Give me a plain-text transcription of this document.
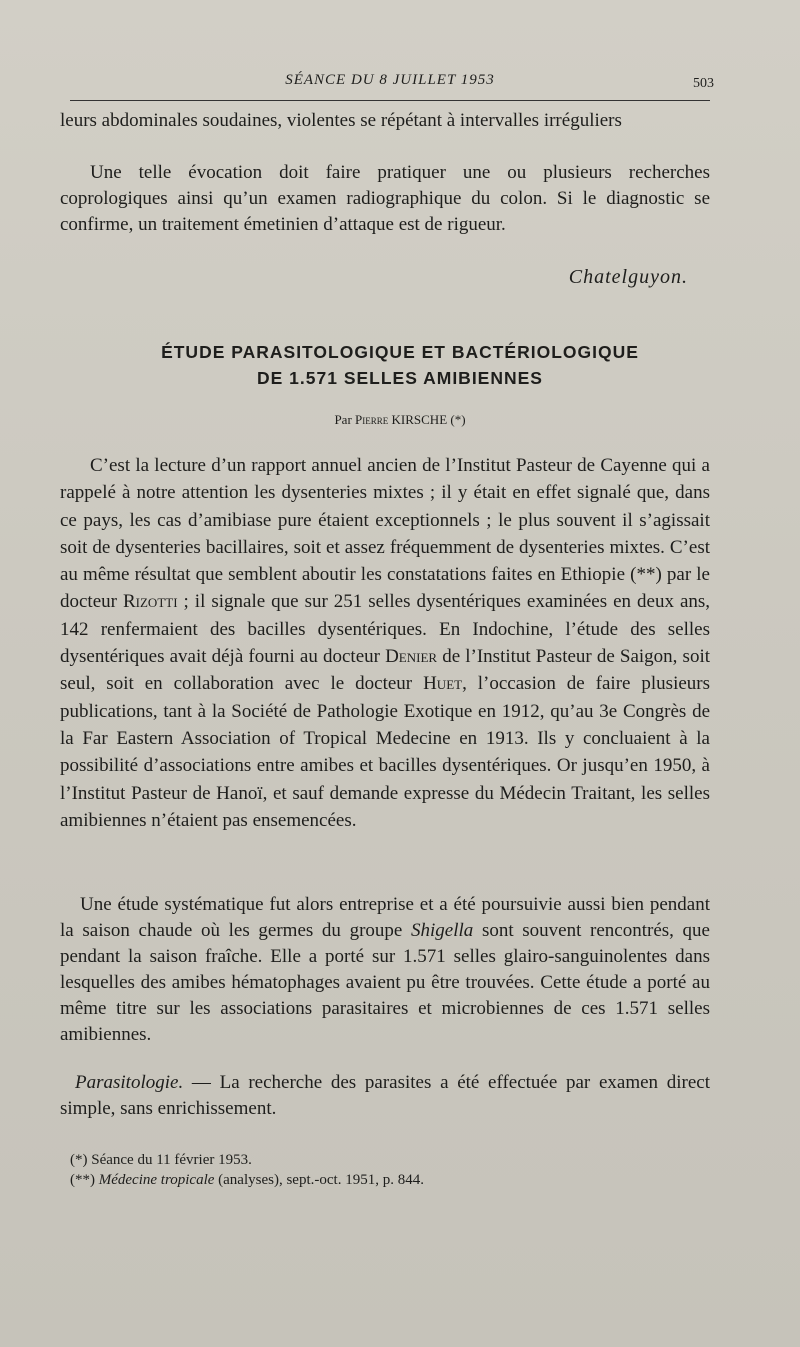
SÉANCE DU 8 JUILLET 1953	503

leurs abdominales soudaines, violentes se répétant à intervalles irréguliers

Une telle évocation doit faire pratiquer une ou plusieurs recherches coprologiques ainsi qu’un examen radiographique du colon. Si le diagnostic se confirme, un traitement émetinien d’attaque est de rigueur.

Chatelguyon.
ÉTUDE PARASITOLOGIQUE ET BACTÉRIOLOGIQUE
DE 1.571 SELLES AMIBIENNES
Par Pierre KIRSCHE (*)

C’est la lecture d’un rapport annuel ancien de l’Institut Pasteur de Cayenne qui a rappelé à notre attention les dysenteries mixtes ; il y était en effet signalé que, dans ce pays, les cas d’amibiase pure étaient exceptionnels ; le plus souvent il s’agissait soit de dysenteries bacillaires, soit et assez fréquemment de dysenteries mixtes. C’est au même résultat que semblent aboutir les constatations faites en Ethiopie (**) par le docteur Rizotti ; il signale que sur 251 selles dysentériques examinées en deux ans, 142 renfermaient des bacilles dysentériques. En Indochine, l’étude des selles dysentériques avait déjà fourni au docteur Denier de l’Institut Pasteur de Saigon, soit seul, soit en collaboration avec le docteur Huet, l’occasion de faire plusieurs publications, tant à la Société de Pathologie Exotique en 1912, qu’au 3e Congrès de la Far Eastern Association of Tropical Medecine en 1913. Ils y concluaient à la possibilité d’associations entre amibes et bacilles dysentériques. Or jusqu’en 1950, à l’Institut Pasteur de Hanoï, et sauf demande expresse du Médecin Traitant, les selles amibiennes n’étaient pas ensemencées.

Une étude systématique fut alors entreprise et a été poursuivie aussi bien pendant la saison chaude où les germes du groupe Shigella sont souvent rencontrés, que pendant la saison fraîche. Elle a porté sur 1.571 selles glairo-sanguinolentes dans lesquelles des amibes hématophages avaient pu être trouvées. Cette étude a porté au même titre sur les associations parasitaires et microbiennes de ces 1.571 selles amibiennes.

Parasitologie. — La recherche des parasites a été effectuée par examen direct simple, sans enrichissement.

(*) Séance du 11 février 1953.
(**) Médecine tropicale (analyses), sept.-oct. 1951, p. 844.
